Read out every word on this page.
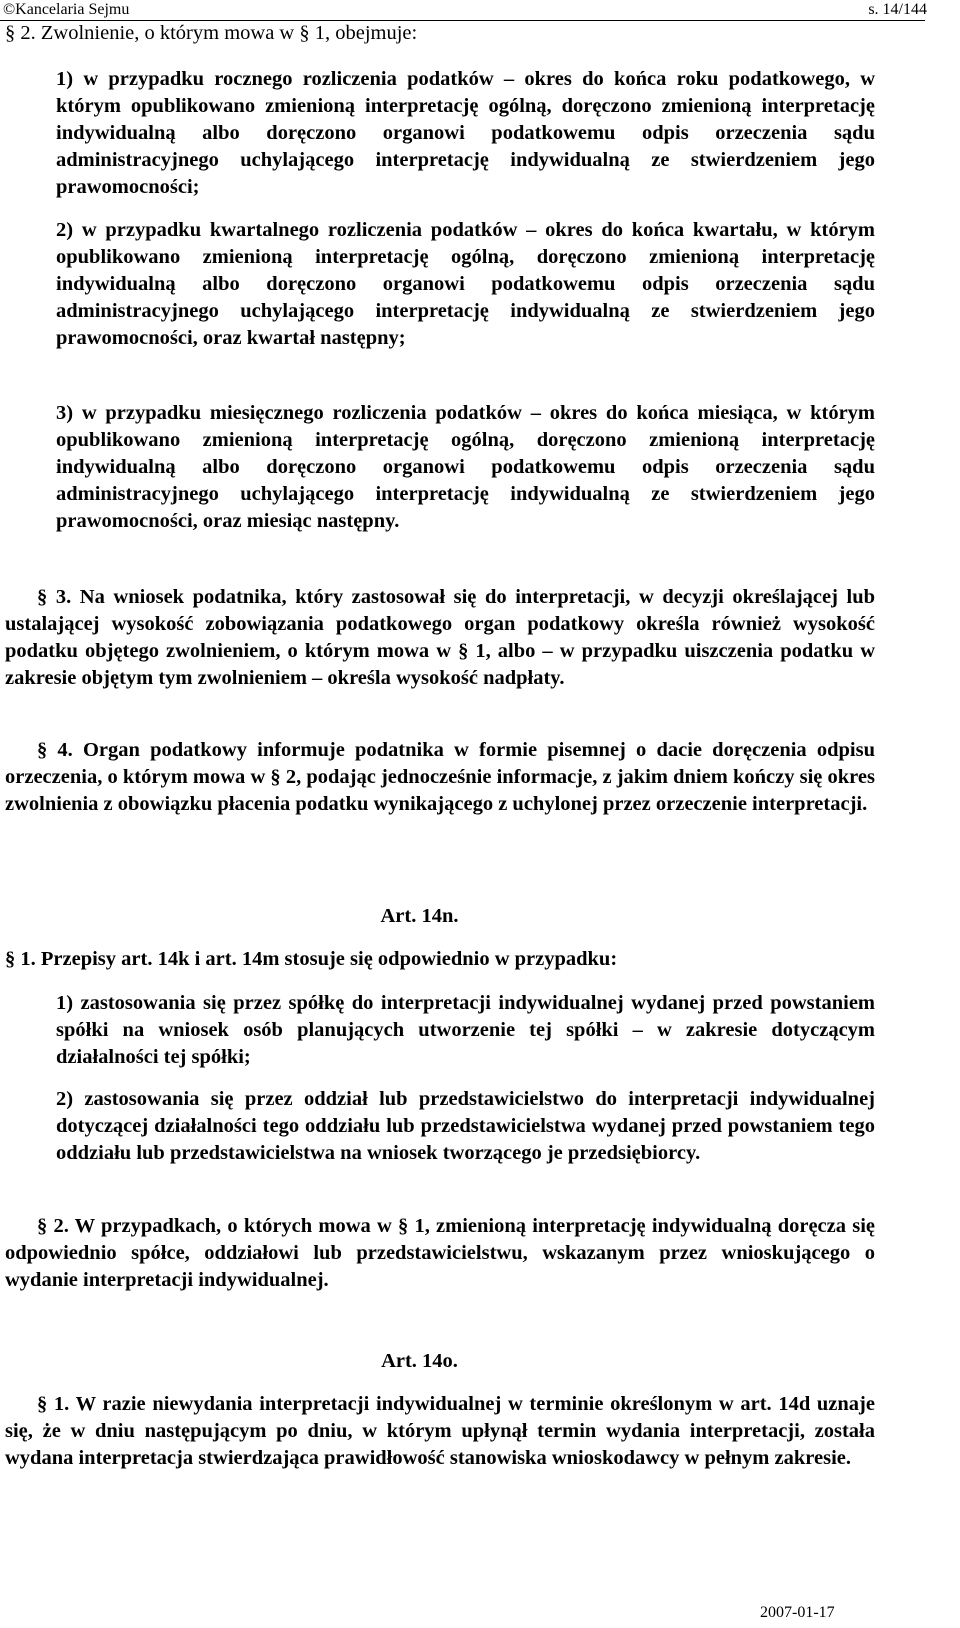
©Kancelaria Sejmu	s. 14/144
§ 2. Zwolnienie, o którym mowa w § 1, obejmuje:
1) w przypadku rocznego rozliczenia podatków – okres do końca roku podatkowego, w którym opublikowano zmienioną interpretację ogólną, doręczono zmienioną interpretację indywidualną albo doręczono organowi podatkowemu odpis orzeczenia sądu administracyjnego uchylającego interpretację indywidualną ze stwierdzeniem jego prawomocności;
2) w przypadku kwartalnego rozliczenia podatków – okres do końca kwartału, w którym opublikowano zmienioną interpretację ogólną, doręczono zmienioną interpretację indywidualną albo doręczono organowi podatkowemu odpis orzeczenia sądu administracyjnego uchylającego interpretację indywidualną ze stwierdzeniem jego prawomocności, oraz kwartał następny;
3) w przypadku miesięcznego rozliczenia podatków – okres do końca miesiąca, w którym opublikowano zmienioną interpretację ogólną, doręczono zmienioną interpretację indywidualną albo doręczono organowi podatkowemu odpis orzeczenia sądu administracyjnego uchylającego interpretację indywidualną ze stwierdzeniem jego prawomocności, oraz miesiąc następny.
§ 3. Na wniosek podatnika, który zastosował się do interpretacji, w decyzji określającej lub ustalającej wysokość zobowiązania podatkowego organ podatkowy określa również wysokość podatku objętego zwolnieniem, o którym mowa w § 1, albo – w przypadku uiszczenia podatku w zakresie objętym tym zwolnieniem – określa wysokość nadpłaty.
§ 4. Organ podatkowy informuje podatnika w formie pisemnej o dacie doręczenia odpisu orzeczenia, o którym mowa w § 2, podając jednocześnie informacje, z jakim dniem kończy się okres zwolnienia z obowiązku płacenia podatku wynikającego z uchylonej przez orzeczenie interpretacji.
Art. 14n.
§ 1. Przepisy art. 14k i art. 14m stosuje się odpowiednio w przypadku:
1) zastosowania się przez spółkę do interpretacji indywidualnej wydanej przed powstaniem spółki na wniosek osób planujących utworzenie tej spółki – w zakresie dotyczącym działalności tej spółki;
2) zastosowania się przez oddział lub przedstawicielstwo do interpretacji indywidualnej dotyczącej działalności tego oddziału lub przedstawicielstwa wydanej przed powstaniem tego oddziału lub przedstawicielstwa na wniosek tworzącego je przedsiębiorcy.
§ 2. W przypadkach, o których mowa w § 1, zmienioną interpretację indywidualną doręcza się odpowiednio spółce, oddziałowi lub przedstawicielstwu, wskazanym przez wnioskującego o wydanie interpretacji indywidualnej.
Art. 14o.
§ 1. W razie niewydania interpretacji indywidualnej w terminie określonym w art. 14d uznaje się, że w dniu następującym po dniu, w którym upłynął termin wydania interpretacji, została wydana interpretacja stwierdzająca prawidłowość stanowiska wnioskodawcy w pełnym zakresie.
2007-01-17
